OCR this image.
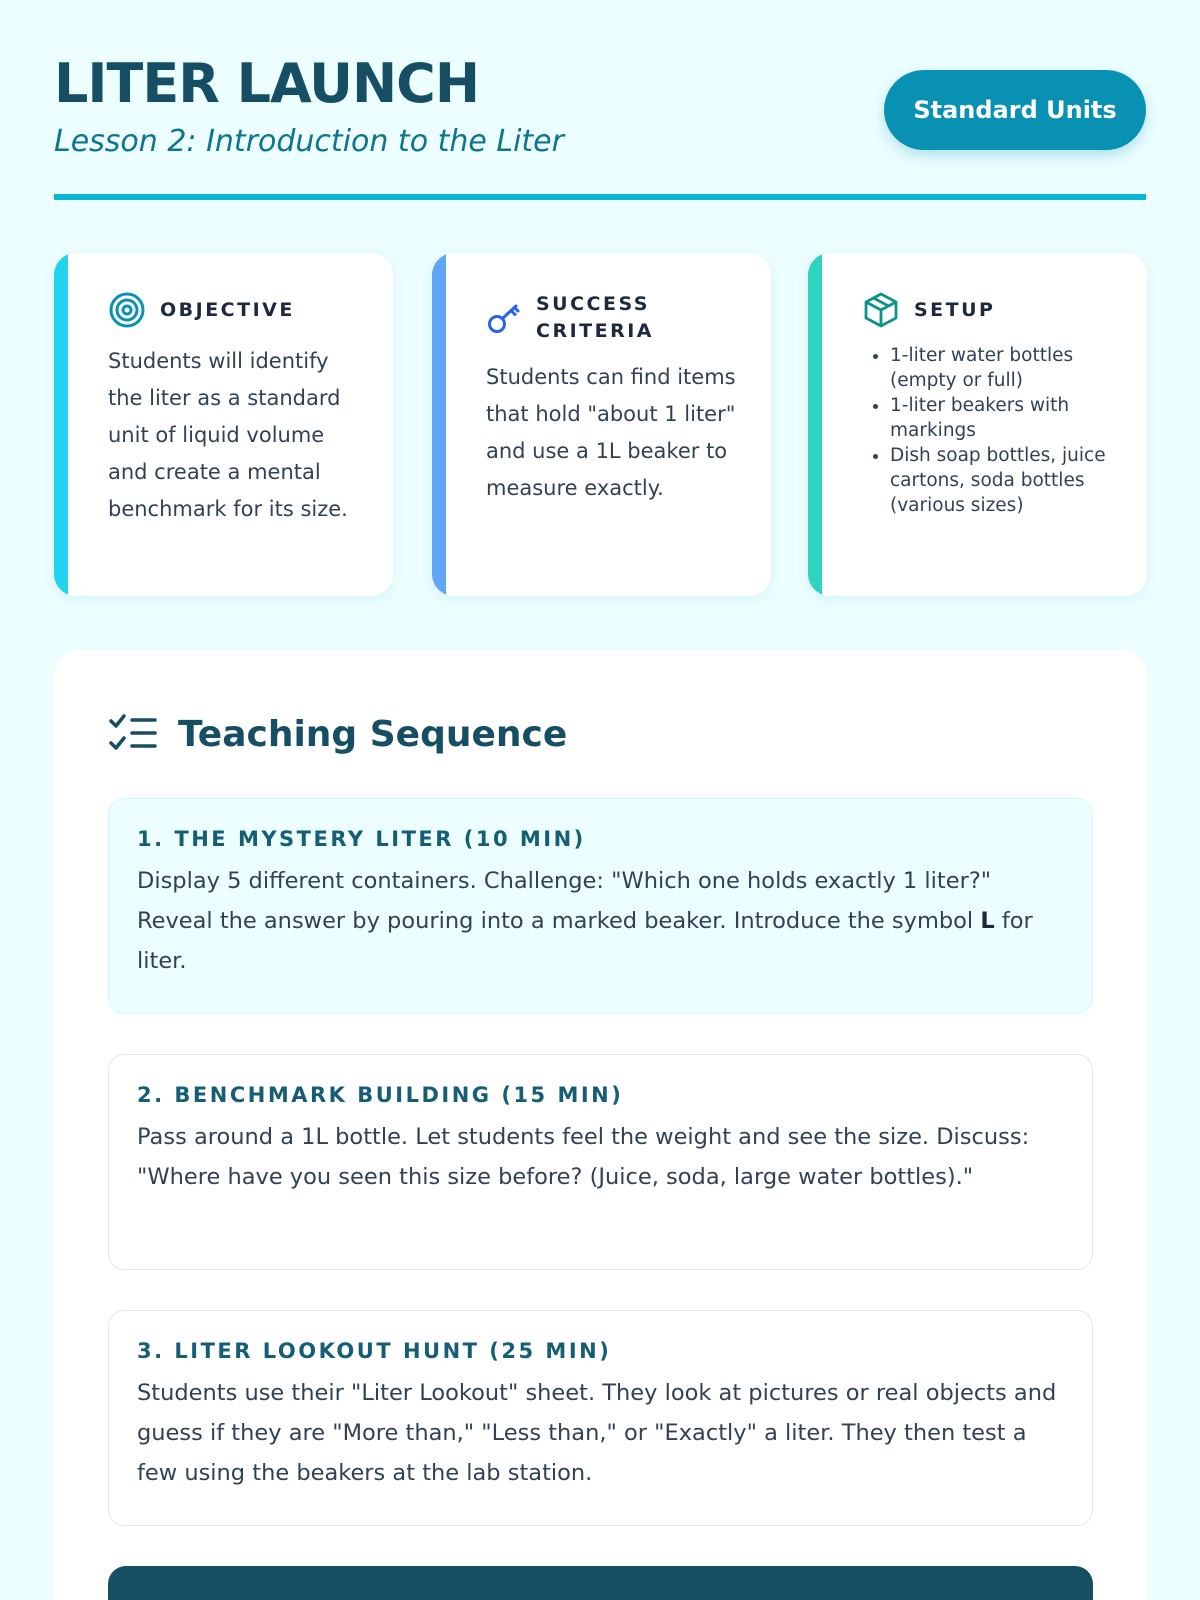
LITER LAUNCH
Lesson 2: Introduction to the Liter
Standard Units
OBJECTIVE

Students will identify the liter as a standard unit of liquid volume and create a mental benchmark for its size.

SUCCESS
CRITERIA

Students can find items that hold "about 1 liter" and use a 1L beaker to measure exactly.

SETUP
• 1-liter water bottles (empty or full)
• 1-liter beakers with markings
• Dish soap bottles, juice cartons, soda bottles (various sizes)
Teaching Sequence
1. THE MYSTERY LITER (10 MIN)

Display 5 different containers. Challenge: "Which one holds exactly 1 liter?" Reveal the answer by pouring into a marked beaker. Introduce the symbol L for liter.

2. BENCHMARK BUILDING (15 MIN)

Pass around a 1L bottle. Let students feel the weight and see the size. Discuss: "Where have you seen this size before? (Juice, soda, large water bottles)."

3. LITER LOOKOUT HUNT (25 MIN)

Students use their "Liter Lookout" sheet. They look at pictures or real objects and guess if they are "More than," "Less than," or "Exactly" a liter. They then test a few using the beakers at the lab station.
